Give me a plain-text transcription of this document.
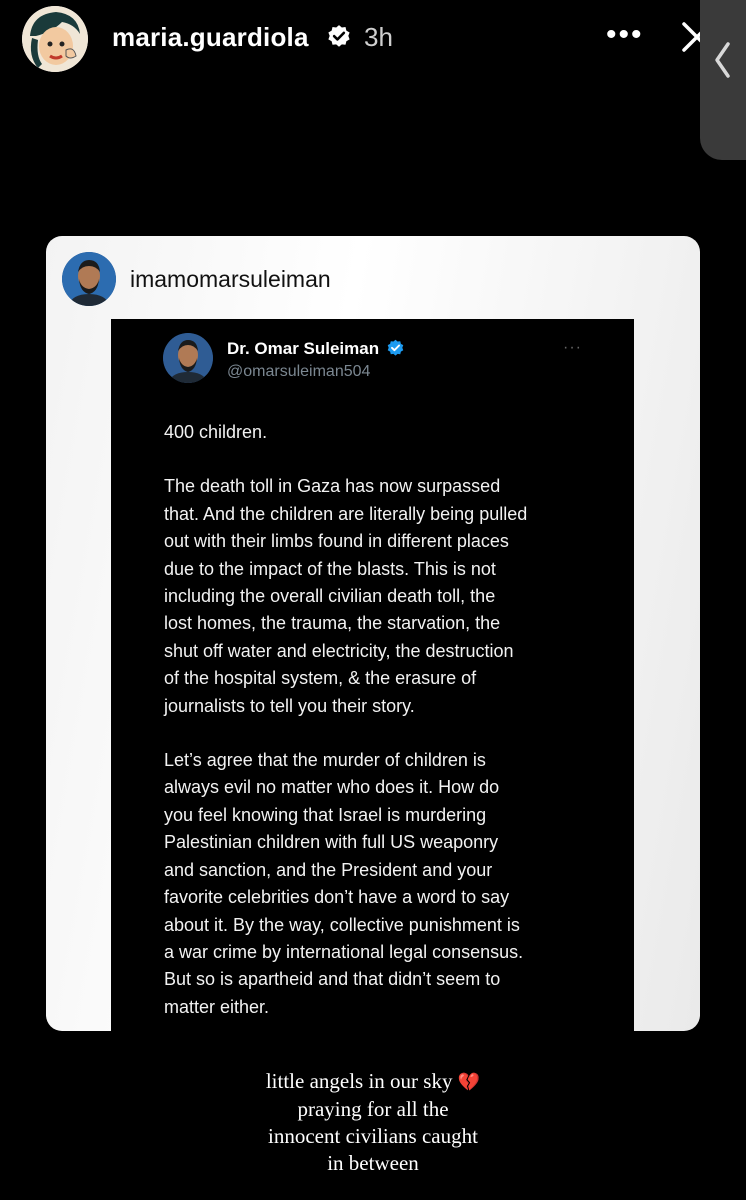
maria.guardiola 3h	•••
imamomarsuleiman
Dr. Omar Suleiman
@omarsuleiman504
···

400 children.

The death toll in Gaza has now surpassed
that. And the children are literally being pulled
out with their limbs found in different places
due to the impact of the blasts. This is not
including the overall civilian death toll, the
lost homes, the trauma, the starvation, the
shut off water and electricity, the destruction
of the hospital system, & the erasure of
journalists to tell you their story.

Let’s agree that the murder of children is
always evil no matter who does it. How do
you feel knowing that Israel is murdering
Palestinian children with full US weaponry
and sanction, and the President and your
favorite celebrities don’t have a word to say
about it. By the way, collective punishment is
a war crime by international legal consensus.
But so is apartheid and that didn’t seem to
matter either.

little angels in our sky 💔
praying for all the
innocent civilians caught
in between
